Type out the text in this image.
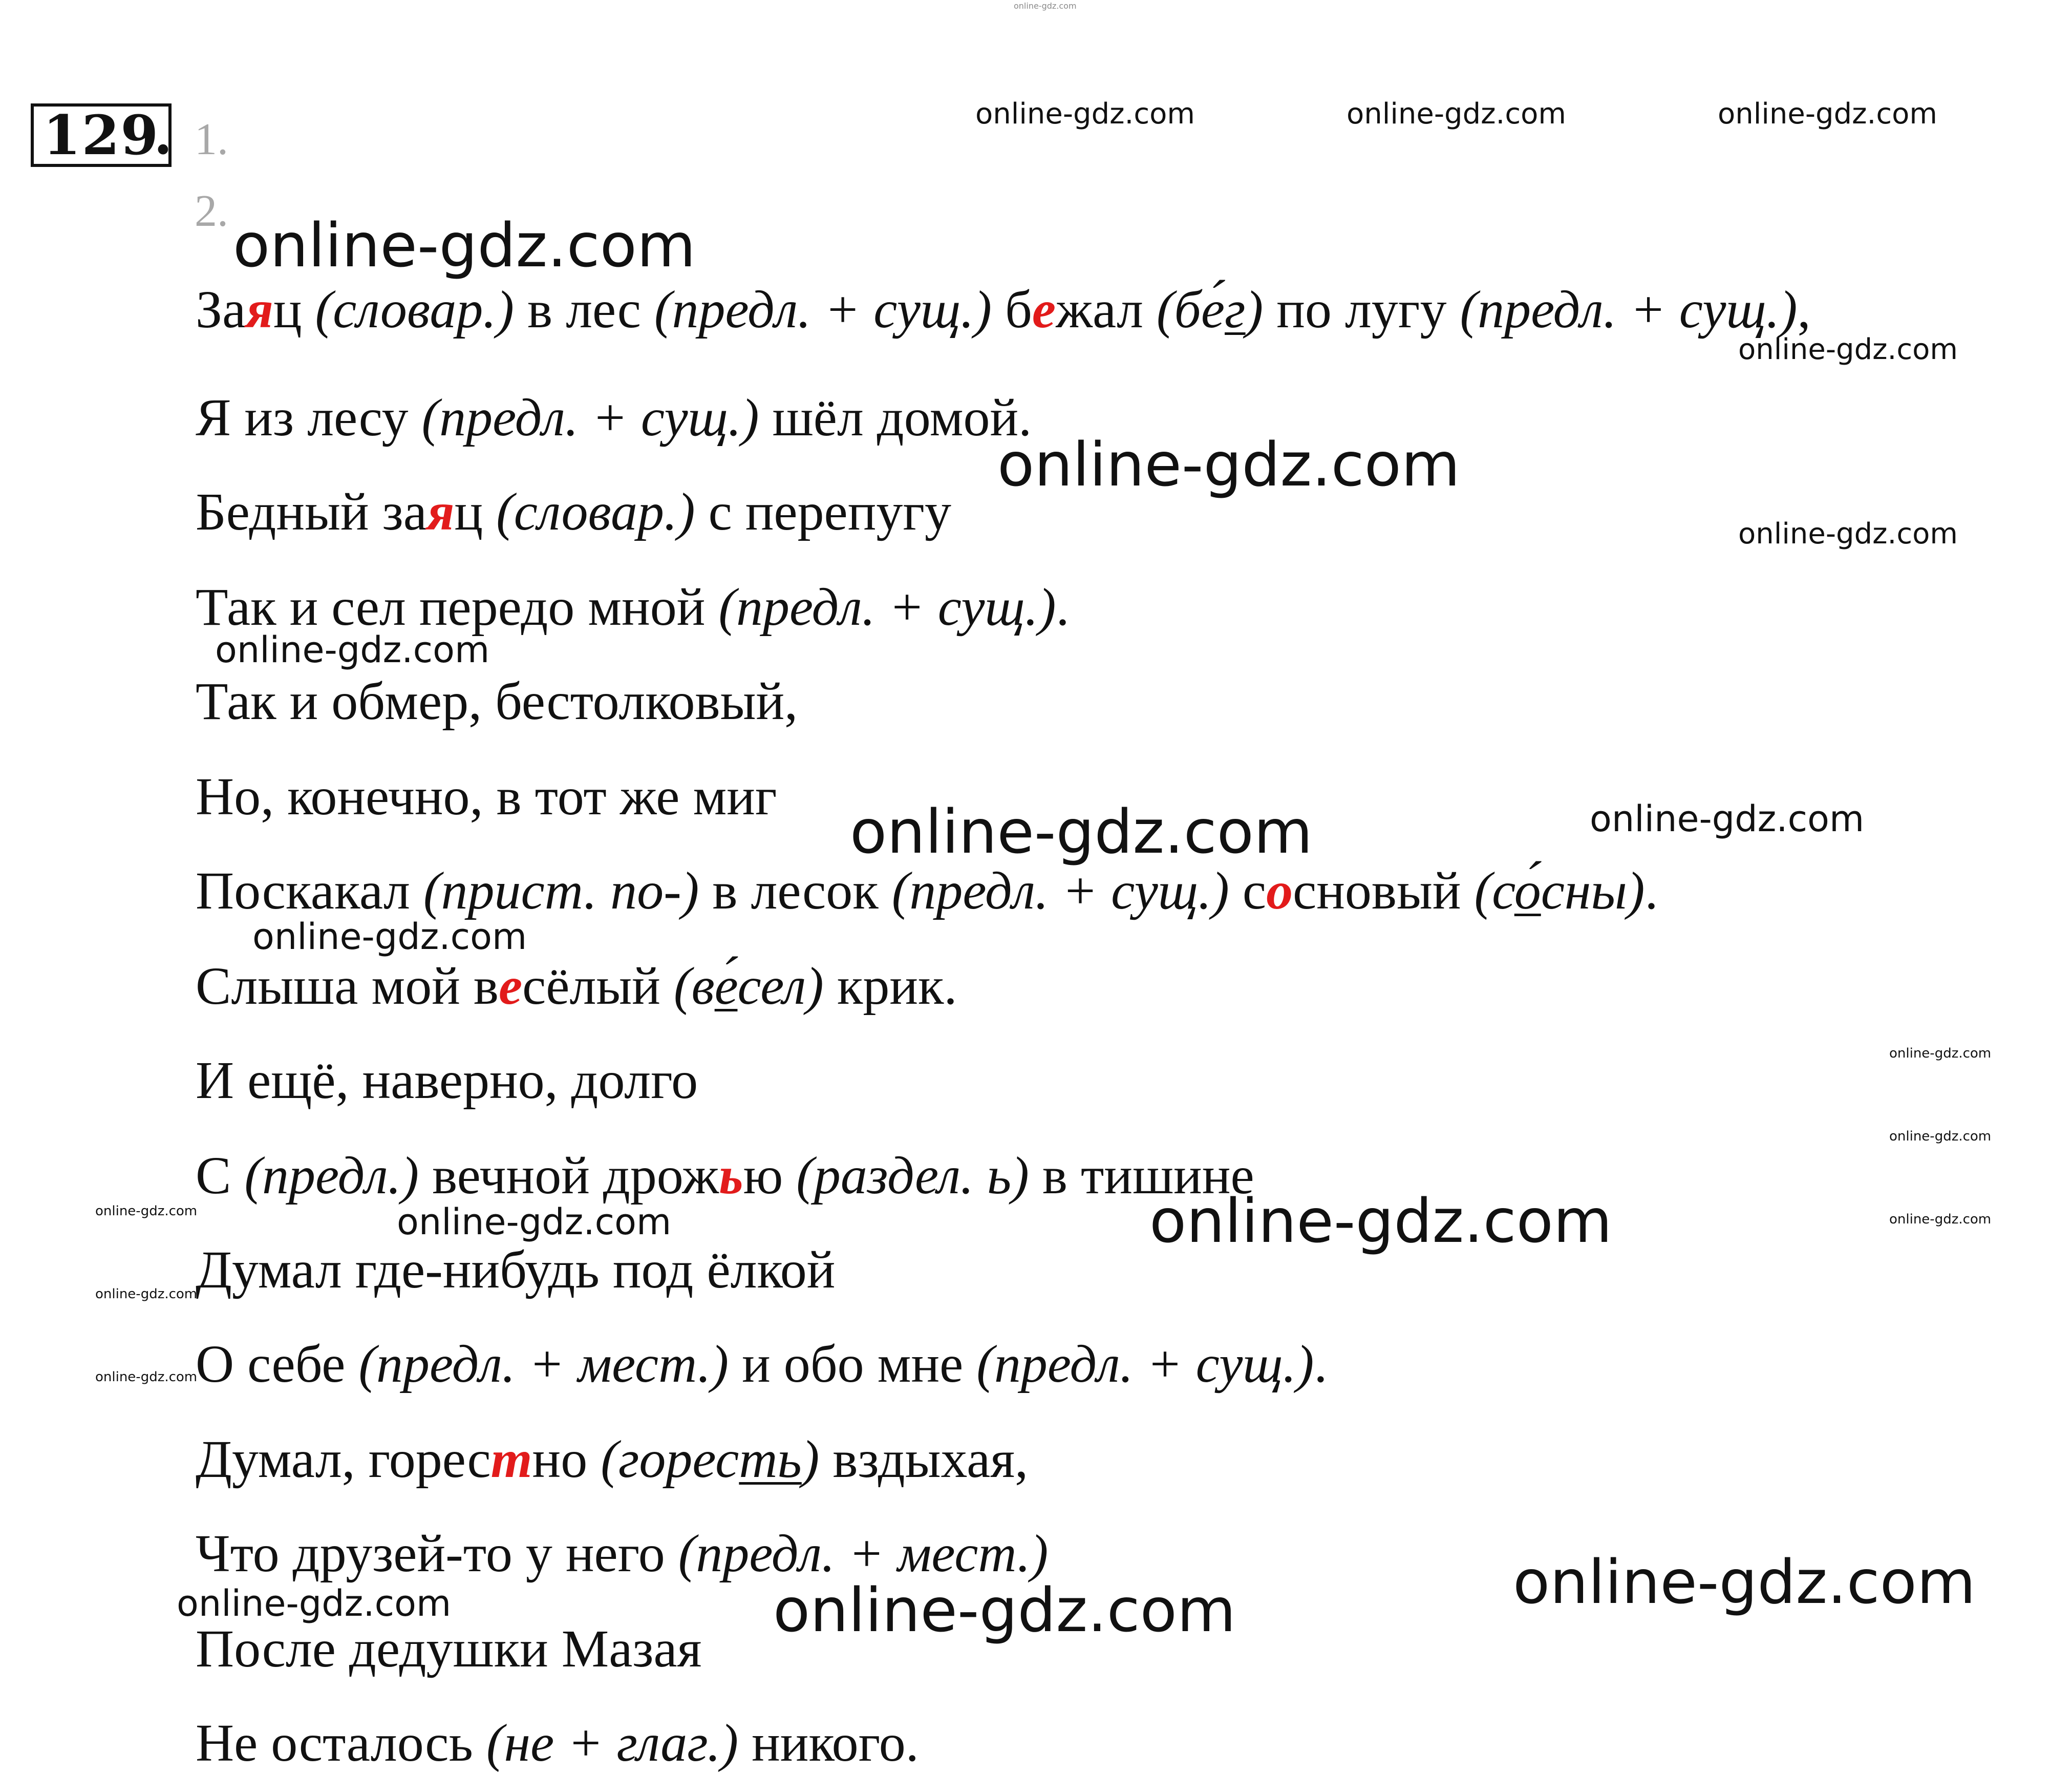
129
. 1.
2.
Заяц (словар.) в лес (предл. + сущ.) бежал (бе́г) по лугу (предл. + сущ.),
Я из лесу (предл. + сущ.) шёл домой.
Бедный заяц (словар.) с перепугу
Так и сел передо мной (предл. + сущ.).
Так и обмер, бестолковый,
Но, конечно, в тот же миг
Поскакал (прист. по-) в лесок (предл. + сущ.) сосновый (со́сны).
Слыша мой весёлый (ве́сел) крик.
И ещё, наверно, долго
С (предл.) вечной дрожью (раздел. ь) в тишине
Думал где-нибудь под ёлкой
О себе (предл. + мест.) и обо мне (предл. + сущ.).
Думал, горестно (горесть) вздыхая,
Что друзей-то у него (предл. + мест.)
После дедушки Мазая
Не осталось (не + глаг.) никого.
online-gdz.com
online-gdz.com	online-gdz.com	online-gdz.com
online-gdz.com
online-gdz.com
online-gdz.com
online-gdz.com
online-gdz.com
online-gdz.com	online-gdz.com
online-gdz.com
online-gdz.com
online-gdz.com
online-gdz.com
online-gdz.com
online-gdz.com
online-gdz.com
online-gdz.com	online-gdz.com
online-gdz.com
online-gdz.com	online-gdz.com
